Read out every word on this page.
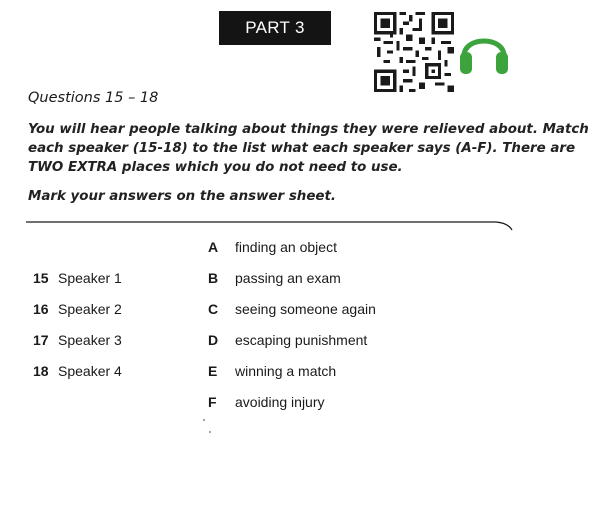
PART 3
Questions 15 – 18
You will hear people talking about things they were relieved about. Match
each speaker (15-18) to the list what each speaker says (A-F). There are
TWO EXTRA places which you do not need to use.
Mark your answers on the answer sheet.
15 Speaker 1
16 Speaker 2
17 Speaker 3
18 Speaker 4
A finding an object
B passing an exam
C seeing someone again
D escaping punishment
E winning a match
F avoiding injury
